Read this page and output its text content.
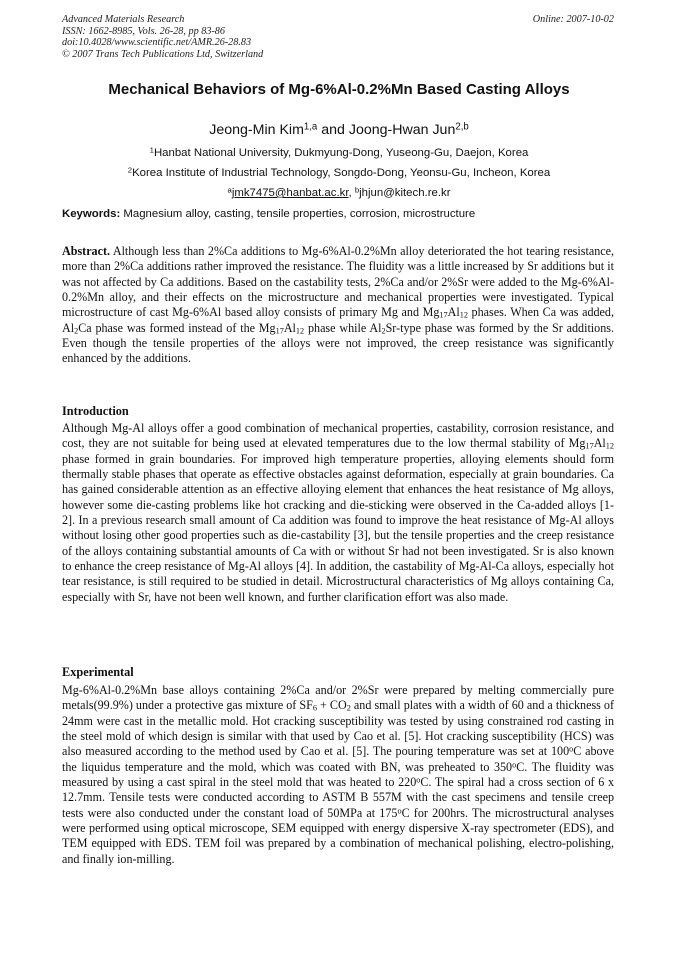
Advanced Materials Research
ISSN: 1662-8985, Vols. 26-28, pp 83-86
doi:10.4028/www.scientific.net/AMR.26-28.83
© 2007 Trans Tech Publications Ltd, Switzerland
Online: 2007-10-02
Mechanical Behaviors of Mg-6%Al-0.2%Mn Based Casting Alloys
Jeong-Min Kim$^{1,a}$ and Joong-Hwan Jun$^{2,b}$
$^1$Hanbat National University, Dukmyung-Dong, Yuseong-Gu, Daejon, Korea
$^2$Korea Institute of Industrial Technology, Songdo-Dong, Yeonsu-Gu, Incheon, Korea
$^a$jmk7475@hanbat.ac.kr, $^b$jhjun@kitech.re.kr
Keywords: Magnesium alloy, casting, tensile properties, corrosion, microstructure
Abstract. Although less than 2%Ca additions to Mg-6%Al-0.2%Mn alloy deteriorated the hot tearing resistance, more than 2%Ca additions rather improved the resistance. The fluidity was a little increased by Sr additions but it was not affected by Ca additions. Based on the castability tests, 2%Ca and/or 2%Sr were added to the Mg-6%Al-0.2%Mn alloy, and their effects on the microstructure and mechanical properties were investigated. Typical microstructure of cast Mg-6%Al based alloy consists of primary Mg and $Mg_{17}Al_{12}$ phases. When Ca was added, $Al_2Ca$ phase was formed instead of the $Mg_{17}Al_{12}$ phase while $Al_2Sr$-type phase was formed by the Sr additions. Even though the tensile properties of the alloys were not improved, the creep resistance was significantly enhanced by the additions.
Introduction
Although Mg-Al alloys offer a good combination of mechanical properties, castability, corrosion resistance, and cost, they are not suitable for being used at elevated temperatures due to the low thermal stability of $Mg_{17}Al_{12}$ phase formed in grain boundaries. For improved high temperature properties, alloying elements should form thermally stable phases that operate as effective obstacles against deformation, especially at grain boundaries. Ca has gained considerable attention as an effective alloying element that enhances the heat resistance of Mg alloys, however some die-casting problems like hot cracking and die-sticking were observed in the Ca-added alloys [1-2]. In a previous research small amount of Ca addition was found to improve the heat resistance of Mg-Al alloys without losing other good properties such as die-castability [3], but the tensile properties and the creep resistance of the alloys containing substantial amounts of Ca with or without Sr had not been investigated. Sr is also known to enhance the creep resistance of Mg-Al alloys [4]. In addition, the castability of Mg-Al-Ca alloys, especially hot tear resistance, is still required to be studied in detail. Microstructural characteristics of Mg alloys containing Ca, especially with Sr, have not been well known, and further clarification effort was also made.
Experimental
Mg-6%Al-0.2%Mn base alloys containing 2%Ca and/or 2%Sr were prepared by melting commercially pure metals(99.9%) under a protective gas mixture of $SF_6 + CO_2$ and small plates with a width of 60 and a thickness of 24mm were cast in the metallic mold. Hot cracking susceptibility was tested by using constrained rod casting in the steel mold of which design is similar with that used by Cao et al. [5]. Hot cracking susceptibility (HCS) was also measured according to the method used by Cao et al. [5]. The pouring temperature was set at 100$^o$C above the liquidus temperature and the mold, which was coated with BN, was preheated to 350$^o$C. The fluidity was measured by using a cast spiral in the steel mold that was heated to 220$^o$C. The spiral had a cross section of 6 x 12.7mm. Tensile tests were conducted according to ASTM B 557M with the cast specimens and tensile creep tests were also conducted under the constant load of 50MPa at 175$^o$C for 200hrs. The microstructural analyses were performed using optical microscope, SEM equipped with energy dispersive X-ray spectrometer (EDS), and TEM equipped with EDS. TEM foil was prepared by a combination of mechanical polishing, electro-polishing, and finally ion-milling.
